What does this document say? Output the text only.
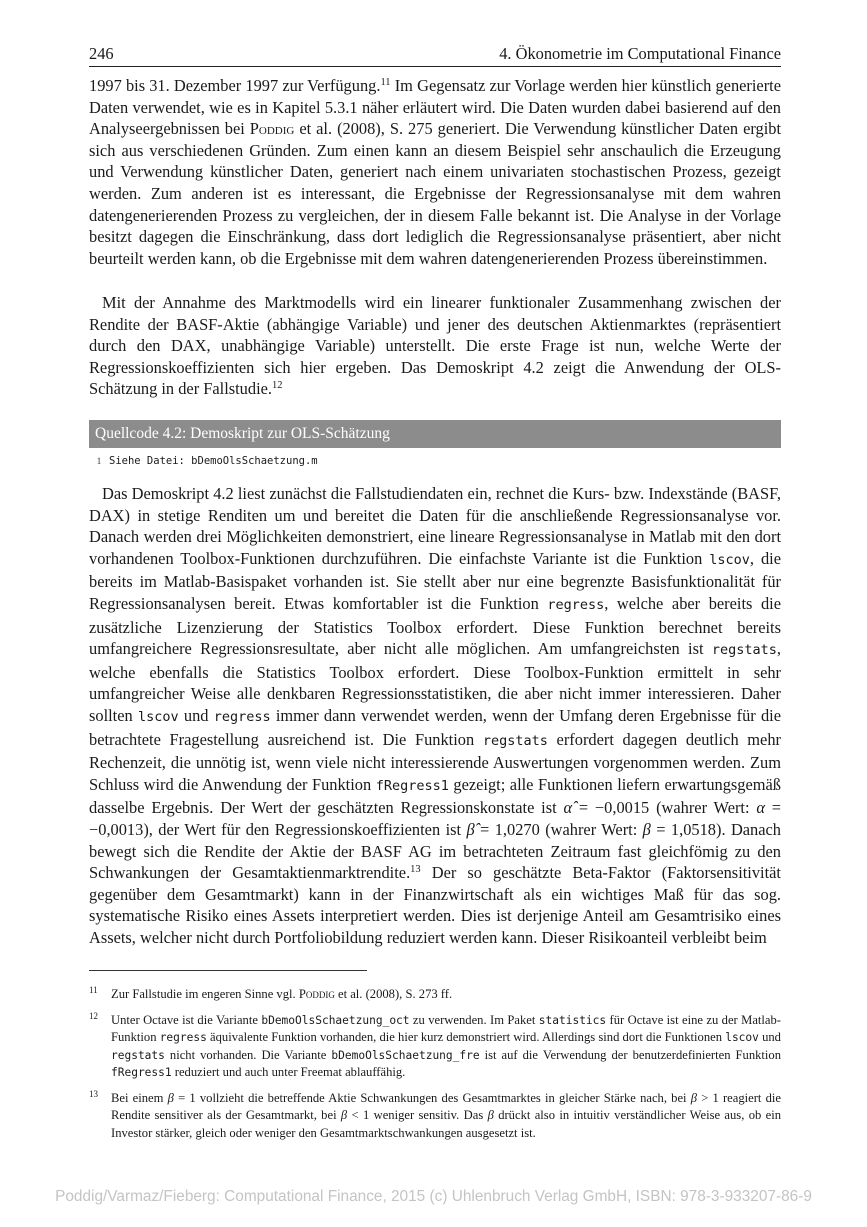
246	4. Ökonometrie im Computational Finance

1997 bis 31. Dezember 1997 zur Verfügung.$^{11}$ Im Gegensatz zur Vorlage werden hier künstlich generierte Daten verwendet, wie es in Kapitel 5.3.1 näher erläutert wird. Die Daten wurden dabei basierend auf den Analyseergebnissen bei Poddig et al. (2008), S. 275 generiert. Die Verwendung künstlicher Daten ergibt sich aus verschiedenen Gründen. Zum einen kann an diesem Beispiel sehr anschaulich die Erzeugung und Verwendung künstlicher Daten, generiert nach einem univariaten stochastischen Prozess, gezeigt werden. Zum anderen ist es interessant, die Ergebnisse der Regressionsanalyse mit dem wahren datengenerierenden Prozess zu vergleichen, der in diesem Falle bekannt ist. Die Analyse in der Vorlage besitzt dagegen die Einschränkung, dass dort lediglich die Regressionsanalyse präsentiert, aber nicht beurteilt werden kann, ob die Ergebnisse mit dem wahren datengenerierenden Prozess übereinstimmen.

Mit der Annahme des Marktmodells wird ein linearer funktionaler Zusammenhang zwischen der Rendite der BASF-Aktie (abhängige Variable) und jener des deutschen Aktienmarktes (repräsentiert durch den DAX, unabhängige Variable) unterstellt. Die erste Frage ist nun, welche Werte der Regressionskoeffizienten sich hier ergeben. Das Demoskript 4.2 zeigt die Anwendung der OLS-Schätzung in der Fallstudie.$^{12}$

Quellcode 4.2: Demoskript zur OLS-Schätzung
1 Siehe Datei: bDemoOlsSchaetzung.m

Das Demoskript 4.2 liest zunächst die Fallstudiendaten ein, rechnet die Kurs- bzw. Indexstände (BASF, DAX) in stetige Renditen um und bereitet die Daten für die anschließende Regressionsanalyse vor. Danach werden drei Möglichkeiten demonstriert, eine lineare Regressionsanalyse in Matlab mit den dort vorhandenen Toolbox-Funktionen durchzuführen. Die einfachste Variante ist die Funktion lscov, die bereits im Matlab-Basispaket vorhanden ist. Sie stellt aber nur eine begrenzte Basisfunktionalität für Regressionsanalysen bereit. Etwas komfortabler ist die Funktion regress, welche aber bereits die zusätzliche Lizenzierung der Statistics Toolbox erfordert. Diese Funktion berechnet bereits umfangreichere Regressionsresultate, aber nicht alle möglichen. Am umfangreichsten ist regstats, welche ebenfalls die Statistics Toolbox erfordert. Diese Toolbox-Funktion ermittelt in sehr umfangreicher Weise alle denkbaren Regressionsstatistiken, die aber nicht immer interessieren. Daher sollten lscov und regress immer dann verwendet werden, wenn der Umfang deren Ergebnisse für die betrachtete Fragestellung ausreichend ist. Die Funktion regstats erfordert dagegen deutlich mehr Rechenzeit, die unnötig ist, wenn viele nicht interessierende Auswertungen vorgenommen werden. Zum Schluss wird die Anwendung der Funktion fRegress1 gezeigt; alle Funktionen liefern erwartungsgemäß dasselbe Ergebnis. Der Wert der geschätzten Regressionskonstate ist α̂ = −0,0015 (wahrer Wert: α = −0,0013), der Wert für den Regressionskoeffizienten ist β̂ = 1,0270 (wahrer Wert: β = 1,0518). Danach bewegt sich die Rendite der Aktie der BASF AG im betrachteten Zeitraum fast gleichfömig zu den Schwankungen der Gesamtaktienmarktrendite.$^{13}$ Der so geschätzte Beta-Faktor (Faktorsensitivität gegenüber dem Gesamtmarkt) kann in der Finanzwirtschaft als ein wichtiges Maß für das sog. systematische Risiko eines Assets interpretiert werden. Dies ist derjenige Anteil am Gesamtrisiko eines Assets, welcher nicht durch Portfoliobildung reduziert werden kann. Dieser Risikoanteil verbleibt beim

11 Zur Fallstudie im engeren Sinne vgl. Poddig et al. (2008), S. 273 ff.
12 Unter Octave ist die Variante bDemoOlsSchaetzung_oct zu verwenden. Im Paket statistics für Octave ist eine zu der Matlab-Funktion regress äquivalente Funktion vorhanden, die hier kurz demonstriert wird. Allerdings sind dort die Funktionen lscov und regstats nicht vorhanden. Die Variante bDemoOlsSchaetzung_fre ist auf die Verwendung der benutzerdefinierten Funktion fRegress1 reduziert und auch unter Freemat ablauffähig.
13 Bei einem β = 1 vollzieht die betreffende Aktie Schwankungen des Gesamtmarktes in gleicher Stärke nach, bei β > 1 reagiert die Rendite sensitiver als der Gesamtmarkt, bei β < 1 weniger sensitiv. Das β drückt also in intuitiv verständlicher Weise aus, ob ein Investor stärker, gleich oder weniger den Gesamtmarktschwankungen ausgesetzt ist.
Poddig/Varmaz/Fieberg: Computational Finance, 2015 (c) Uhlenbruch Verlag GmbH, ISBN: 978-3-933207-86-9
